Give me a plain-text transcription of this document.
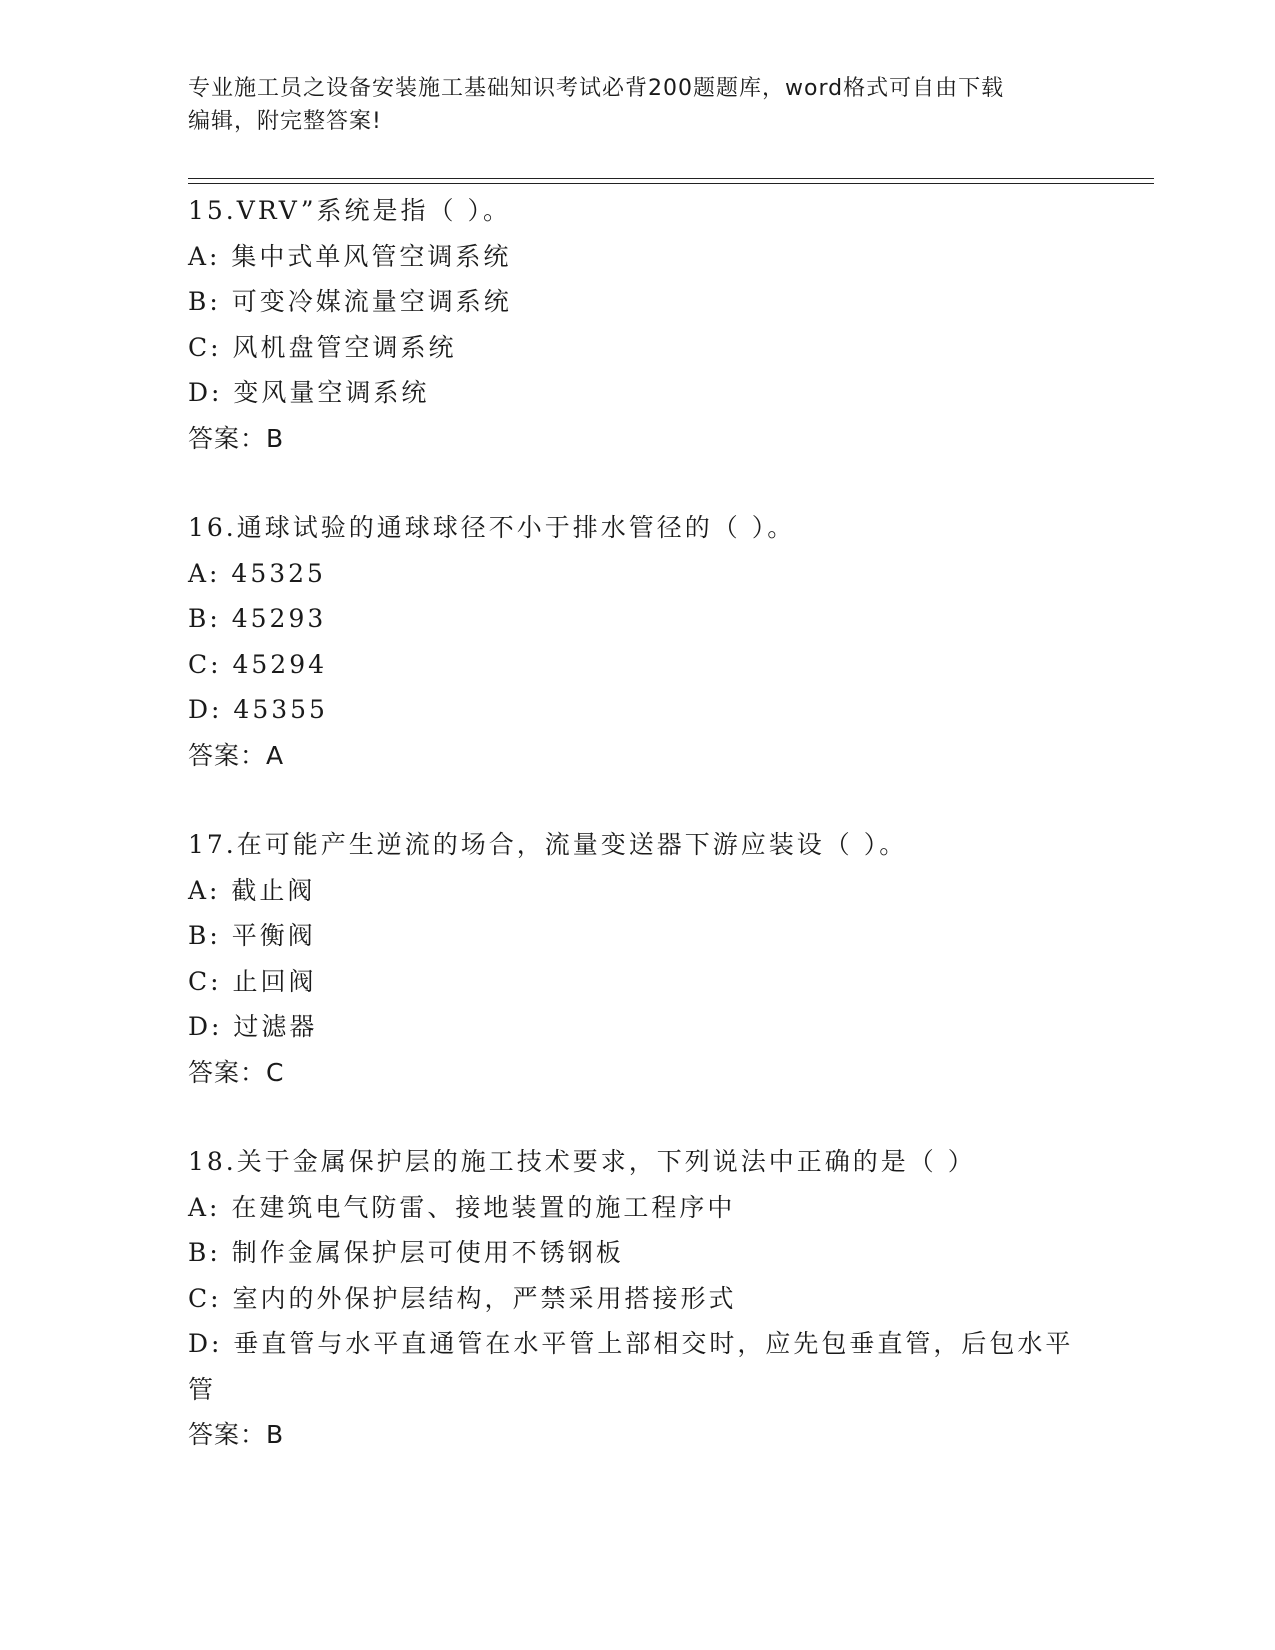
专业施工员之设备安装施工基础知识考试必背200题题库，word格式可自由下载
编辑，附完整答案!
15.VRV”系统是指（ ）。
A: 集中式单风管空调系统
B: 可变冷媒流量空调系统
C: 风机盘管空调系统
D: 变风量空调系统
答案：B
16.通球试验的通球球径不小于排水管径的（ ）。
A: 45325
B: 45293
C: 45294
D: 45355
答案：A
17.在可能产生逆流的场合，流量变送器下游应装设（ ）。
A: 截止阀
B: 平衡阀
C: 止回阀
D: 过滤器
答案：C
18.关于金属保护层的施工技术要求，下列说法中正确的是（ ）
A: 在建筑电气防雷、接地装置的施工程序中
B: 制作金属保护层可使用不锈钢板
C: 室内的外保护层结构，严禁采用搭接形式
D: 垂直管与水平直通管在水平管上部相交时，应先包垂直管，后包水平管
答案：B
